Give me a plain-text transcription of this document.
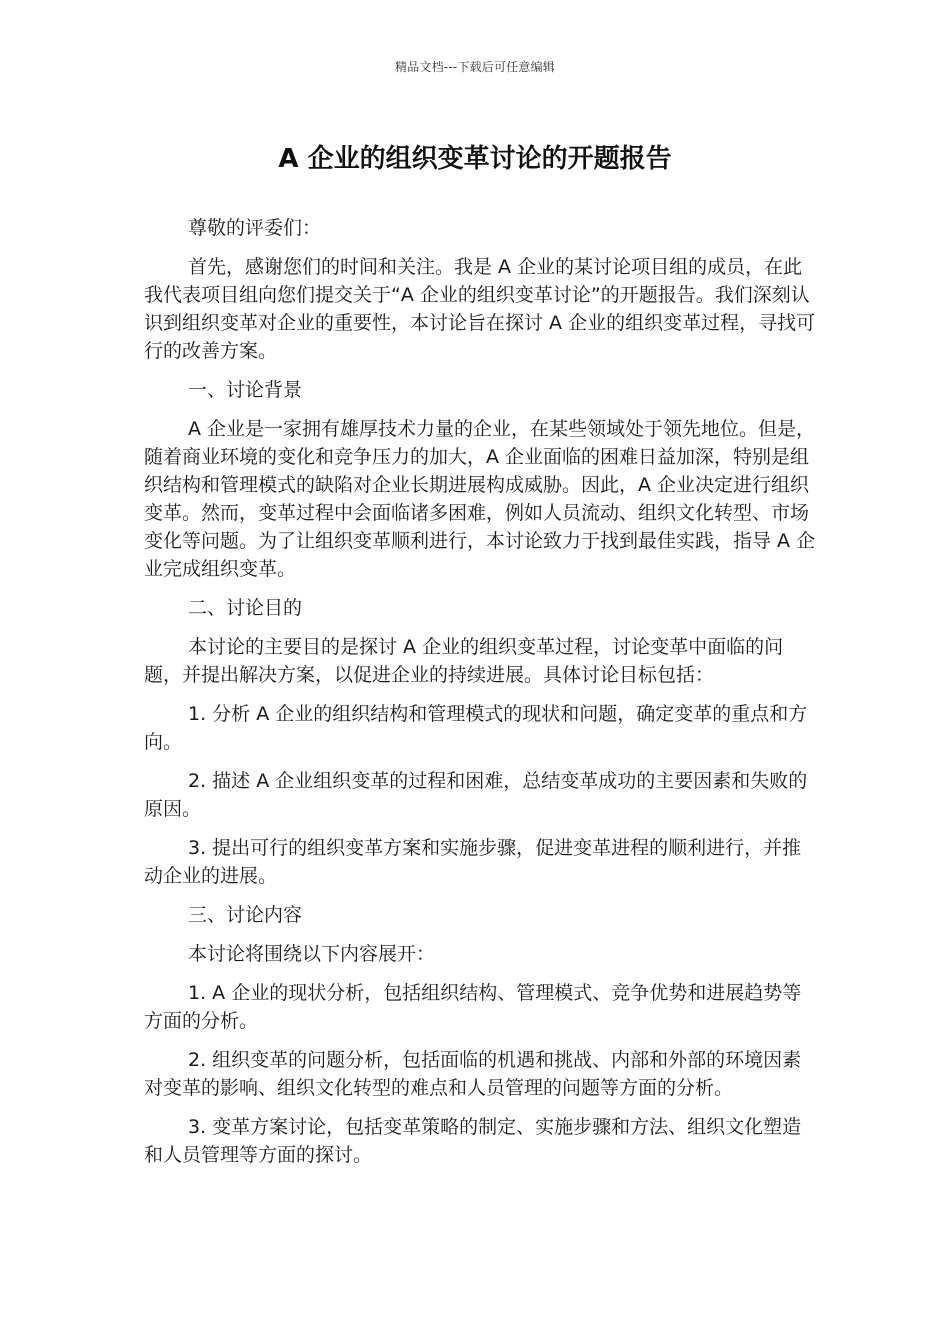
精品文档---下载后可任意编辑
A 企业的组织变革讨论的开题报告

尊敬的评委们：

首先，感谢您们的时间和关注。我是 A 企业的某讨论项目组的成员，在此我代表项目组向您们提交关于“A 企业的组织变革讨论”的开题报告。我们深刻认识到组织变革对企业的重要性，本讨论旨在探讨 A 企业的组织变革过程，寻找可行的改善方案。

一、讨论背景

A 企业是一家拥有雄厚技术力量的企业，在某些领域处于领先地位。但是，随着商业环境的变化和竞争压力的加大，A 企业面临的困难日益加深，特别是组织结构和管理模式的缺陷对企业长期进展构成威胁。因此，A 企业决定进行组织变革。然而，变革过程中会面临诸多困难，例如人员流动、组织文化转型、市场变化等问题。为了让组织变革顺利进行，本讨论致力于找到最佳实践，指导 A 企业完成组织变革。

二、讨论目的

本讨论的主要目的是探讨 A 企业的组织变革过程，讨论变革中面临的问题，并提出解决方案，以促进企业的持续进展。具体讨论目标包括：

1. 分析 A 企业的组织结构和管理模式的现状和问题，确定变革的重点和方向。

2. 描述 A 企业组织变革的过程和困难，总结变革成功的主要因素和失败的原因。

3. 提出可行的组织变革方案和实施步骤，促进变革进程的顺利进行，并推动企业的进展。

三、讨论内容

本讨论将围绕以下内容展开：

1. A 企业的现状分析，包括组织结构、管理模式、竞争优势和进展趋势等方面的分析。

2. 组织变革的问题分析，包括面临的机遇和挑战、内部和外部的环境因素对变革的影响、组织文化转型的难点和人员管理的问题等方面的分析。

3. 变革方案讨论，包括变革策略的制定、实施步骤和方法、组织文化塑造和人员管理等方面的探讨。
